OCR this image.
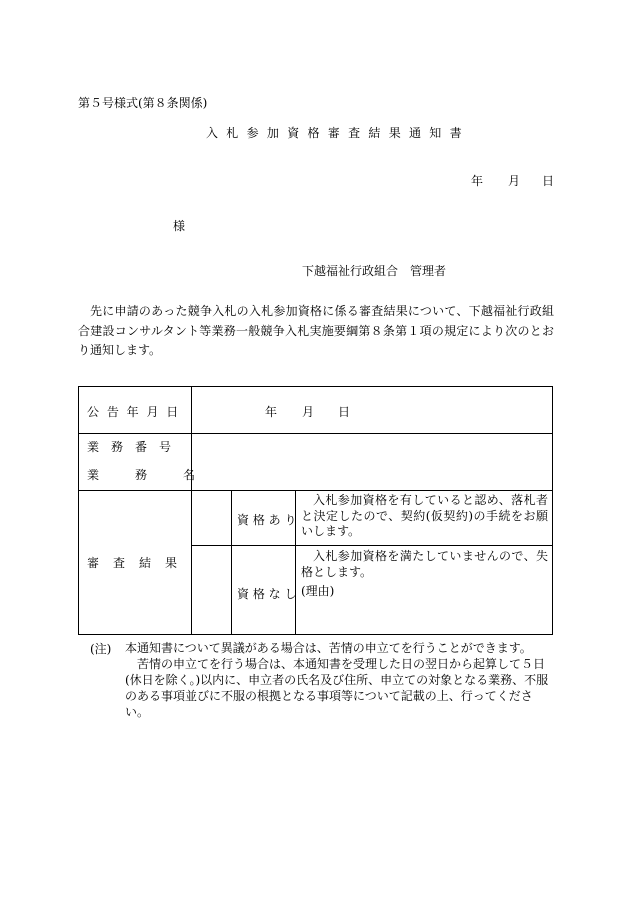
第５号様式(第８条関係)
入札参加資格審査結果通知書
年 月 日
様
下越福祉行政組合　管理者
先に申請のあった競争入札の入札参加資格に係る審査結果について、下越福祉行政組合建設コンサルタント等業務一般競争入札実施要綱第８条第１項の規定により次のとおり通知します。
公 告 年 月 日	年 月 日
業　務　番　号
業　　　務　　　名
審　査　結　果
資 格 あ り
入札参加資格を有していると認め、落札者と決定したので、契約(仮契約)の手続をお願いします。
資 格 な し
入札参加資格を満たしていませんので、失格とします。
(理由)
(注) 本通知書について異議がある場合は、苦情の申立てを行うことができます。
苦情の申立てを行う場合は、本通知書を受理した日の翌日から起算して５日(休日を除く。)以内に、申立者の氏名及び住所、申立ての対象となる業務、不服のある事項並びに不服の根拠となる事項等について記載の上、行ってください。
